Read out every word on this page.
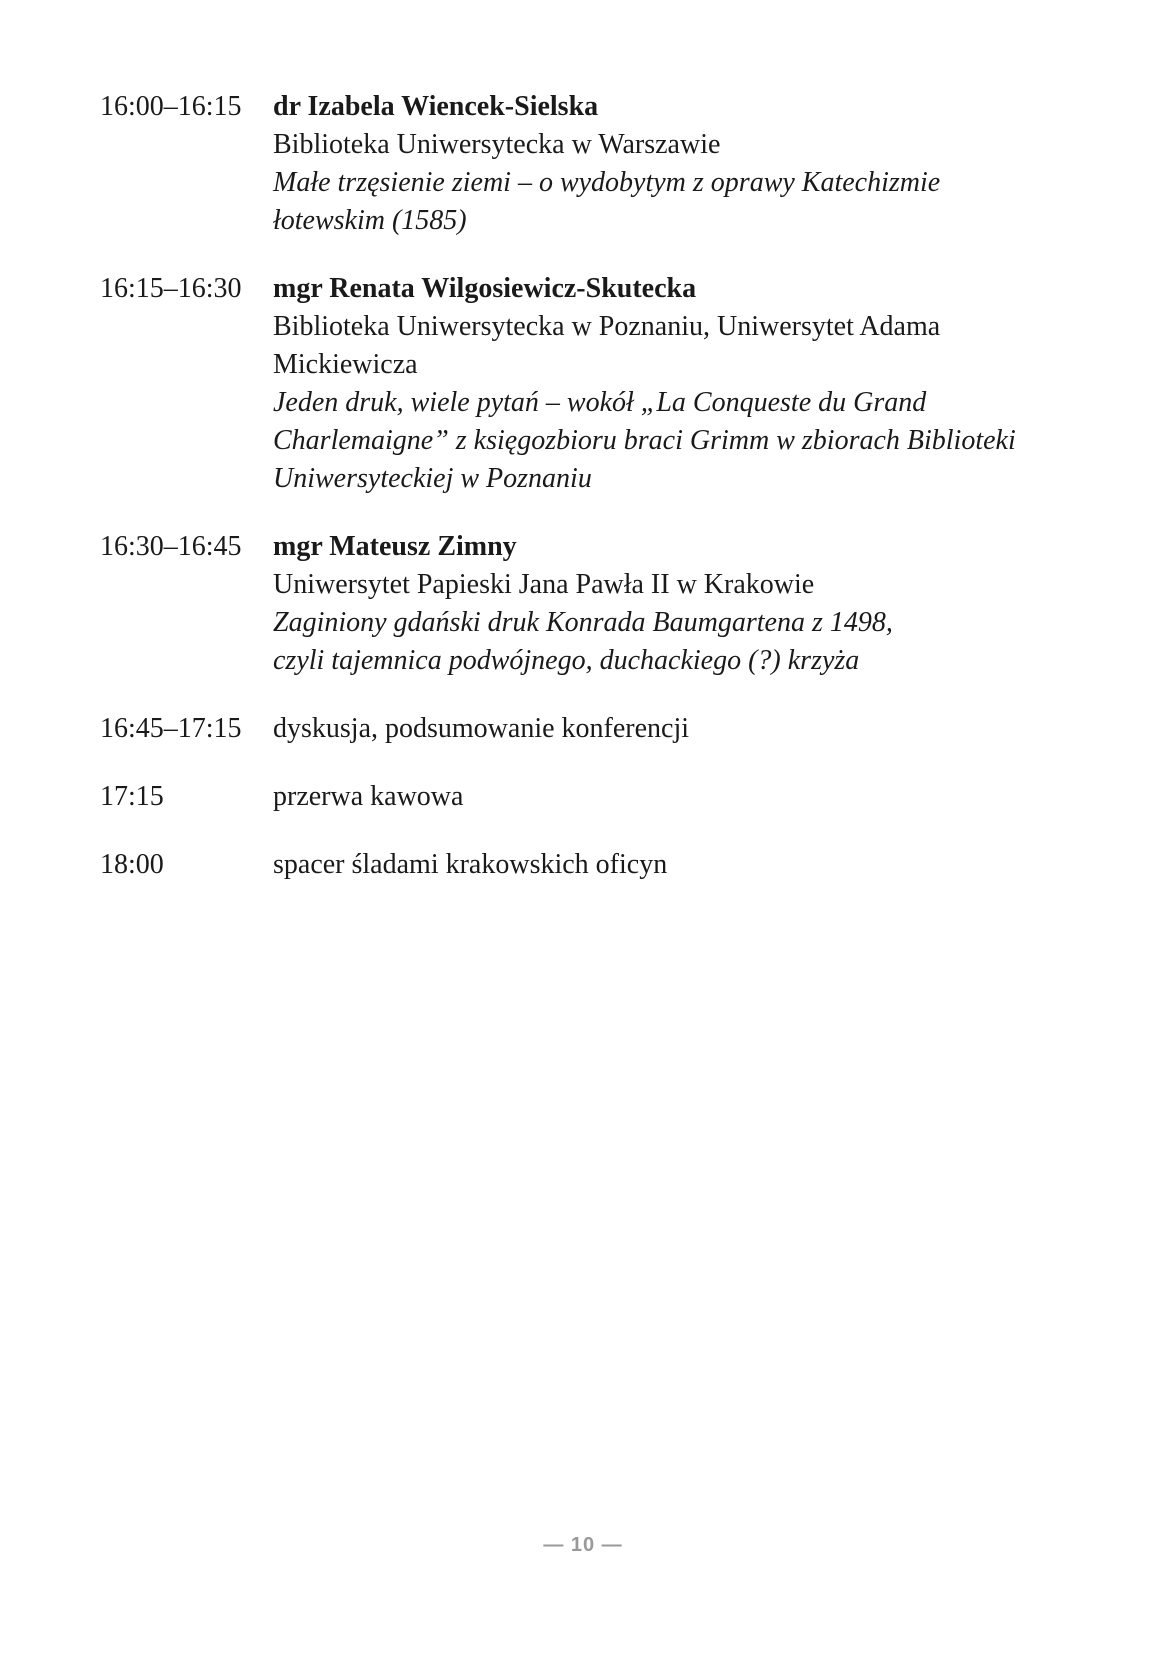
16:00–16:15	dr Izabela Wiencek-Sielska
Biblioteka Uniwersytecka w Warszawie
Małe trzęsienie ziemi – o wydobytym z oprawy Katechizmie łotewskim (1585)
16:15–16:30	mgr Renata Wilgosiewicz-Skutecka
Biblioteka Uniwersytecka w Poznaniu, Uniwersytet Adama Mickiewicza
Jeden druk, wiele pytań – wokół „La Conqueste du Grand Charlemaigne” z księgozbioru braci Grimm w zbiorach Biblioteki Uniwersyteckiej w Poznaniu
16:30–16:45	mgr Mateusz Zimny
Uniwersytet Papieski Jana Pawła II w Krakowie
Zaginiony gdański druk Konrada Baumgartena z 1498, czyli tajemnica podwójnego, duchackiego (?) krzyża
16:45–17:15	dyskusja, podsumowanie konferencji
17:15	przerwa kawowa
18:00	spacer śladami krakowskich oficyn
— 10 —
